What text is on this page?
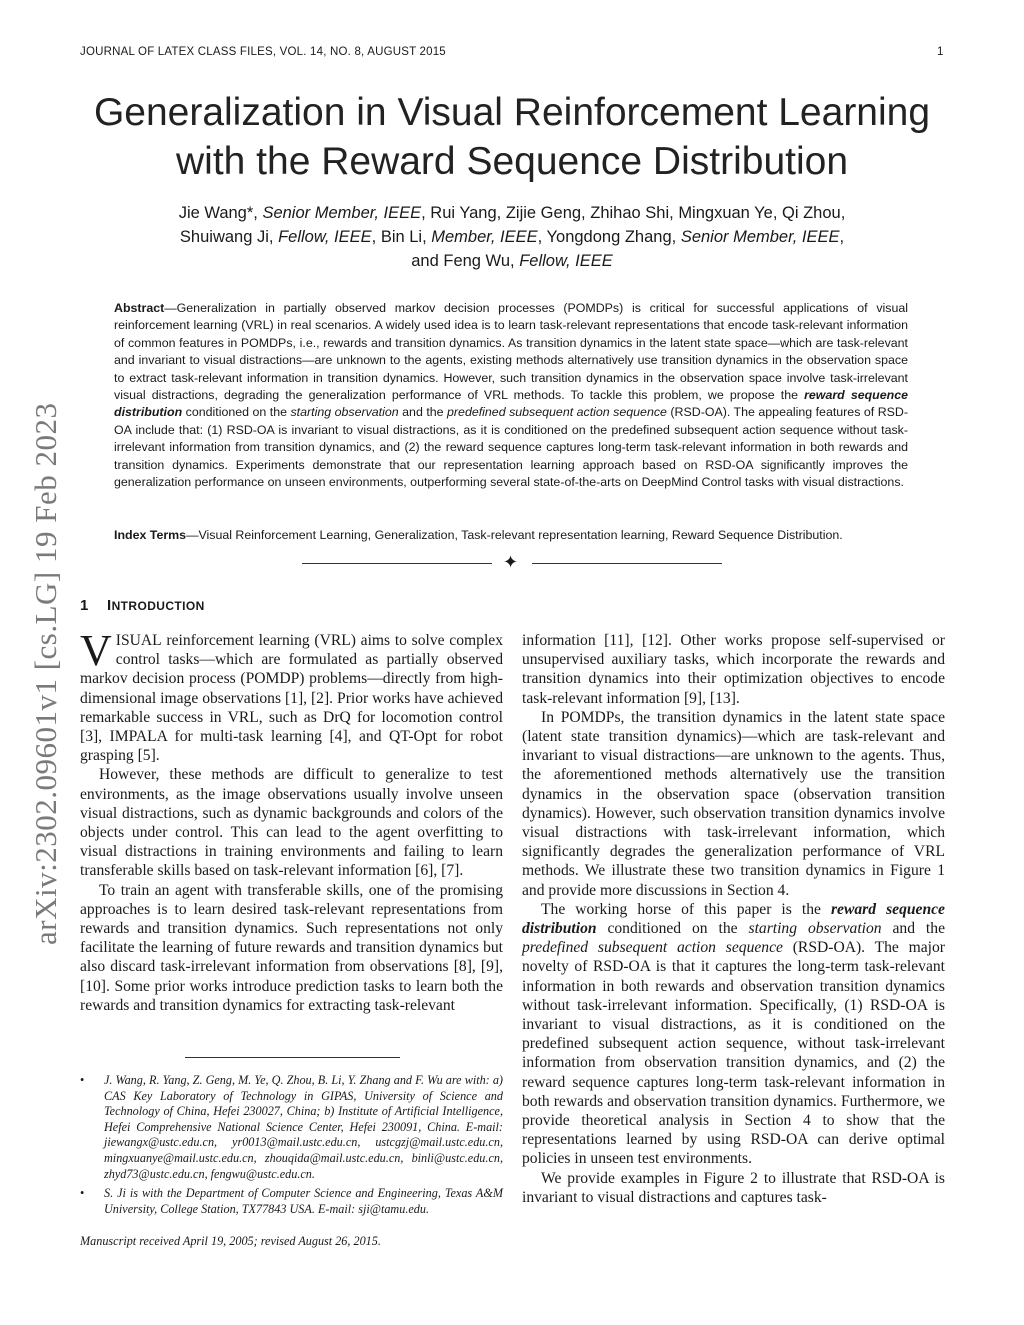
JOURNAL OF LATEX CLASS FILES, VOL. 14, NO. 8, AUGUST 2015	1
arXiv:2302.09601v1 [cs.LG] 19 Feb 2023
Generalization in Visual Reinforcement Learning with the Reward Sequence Distribution
Jie Wang*, Senior Member, IEEE, Rui Yang, Zijie Geng, Zhihao Shi, Mingxuan Ye, Qi Zhou,
Shuiwang Ji, Fellow, IEEE, Bin Li, Member, IEEE, Yongdong Zhang, Senior Member, IEEE,
and Feng Wu, Fellow, IEEE
Abstract—Generalization in partially observed markov decision processes (POMDPs) is critical for successful applications of visual reinforcement learning (VRL) in real scenarios. A widely used idea is to learn task-relevant representations that encode task-relevant information of common features in POMDPs, i.e., rewards and transition dynamics. As transition dynamics in the latent state space—which are task-relevant and invariant to visual distractions—are unknown to the agents, existing methods alternatively use transition dynamics in the observation space to extract task-relevant information in transition dynamics. However, such transition dynamics in the observation space involve task-irrelevant visual distractions, degrading the generalization performance of VRL methods. To tackle this problem, we propose the reward sequence distribution conditioned on the starting observation and the predefined subsequent action sequence (RSD-OA). The appealing features of RSD-OA include that: (1) RSD-OA is invariant to visual distractions, as it is conditioned on the predefined subsequent action sequence without task-irrelevant information from transition dynamics, and (2) the reward sequence captures long-term task-relevant information in both rewards and transition dynamics. Experiments demonstrate that our representation learning approach based on RSD-OA significantly improves the generalization performance on unseen environments, outperforming several state-of-the-arts on DeepMind Control tasks with visual distractions.
Index Terms—Visual Reinforcement Learning, Generalization, Task-relevant representation learning, Reward Sequence Distribution.
✦
1 INTRODUCTION

VISUAL reinforcement learning (VRL) aims to solve complex control tasks—which are formulated as partially observed markov decision process (POMDP) problems—directly from high-dimensional image observations [1], [2]. Prior works have achieved remarkable success in VRL, such as DrQ for locomotion control [3], IMPALA for multi-task learning [4], and QT-Opt for robot grasping [5].

However, these methods are difficult to generalize to test environments, as the image observations usually involve unseen visual distractions, such as dynamic backgrounds and colors of the objects under control. This can lead to the agent overfitting to visual distractions in training environments and failing to learn transferable skills based on task-relevant information [6], [7].

To train an agent with transferable skills, one of the promising approaches is to learn desired task-relevant representations from rewards and transition dynamics. Such representations not only facilitate the learning of future rewards and transition dynamics but also discard task-irrelevant information from observations [8], [9], [10]. Some prior works introduce prediction tasks to learn both the rewards and transition dynamics for extracting task-relevant

• J. Wang, R. Yang, Z. Geng, M. Ye, Q. Zhou, B. Li, Y. Zhang and F. Wu are with: a) CAS Key Laboratory of Technology in GIPAS, University of Science and Technology of China, Hefei 230027, China; b) Institute of Artificial Intelligence, Hefei Comprehensive National Science Center, Hefei 230091, China. E-mail: jiewangx@ustc.edu.cn, yr0013@mail.ustc.edu.cn, ustcgzj@mail.ustc.edu.cn, mingxuanye@mail.ustc.edu.cn, zhouqida@mail.ustc.edu.cn, binli@ustc.edu.cn, zhyd73@ustc.edu.cn, fengwu@ustc.edu.cn.
• S. Ji is with the Department of Computer Science and Engineering, Texas A&M University, College Station, TX77843 USA. E-mail: sji@tamu.edu.
Manuscript received April 19, 2005; revised August 26, 2015.

information [11], [12]. Other works propose self-supervised or unsupervised auxiliary tasks, which incorporate the rewards and transition dynamics into their optimization objectives to encode task-relevant information [9], [13].

In POMDPs, the transition dynamics in the latent state space (latent state transition dynamics)—which are task-relevant and invariant to visual distractions—are unknown to the agents. Thus, the aforementioned methods alternatively use the transition dynamics in the observation space (observation transition dynamics). However, such observation transition dynamics involve visual distractions with task-irrelevant information, which significantly degrades the generalization performance of VRL methods. We illustrate these two transition dynamics in Figure 1 and provide more discussions in Section 4.

The working horse of this paper is the reward sequence distribution conditioned on the starting observation and the predefined subsequent action sequence (RSD-OA). The major novelty of RSD-OA is that it captures the long-term task-relevant information in both rewards and observation transition dynamics without task-irrelevant information. Specifically, (1) RSD-OA is invariant to visual distractions, as it is conditioned on the predefined subsequent action sequence, without task-irrelevant information from observation transition dynamics, and (2) the reward sequence captures long-term task-relevant information in both rewards and observation transition dynamics. Furthermore, we provide theoretical analysis in Section 4 to show that the representations learned by using RSD-OA can derive optimal policies in unseen test environments.

We provide examples in Figure 2 to illustrate that RSD-OA is invariant to visual distractions and captures task-
